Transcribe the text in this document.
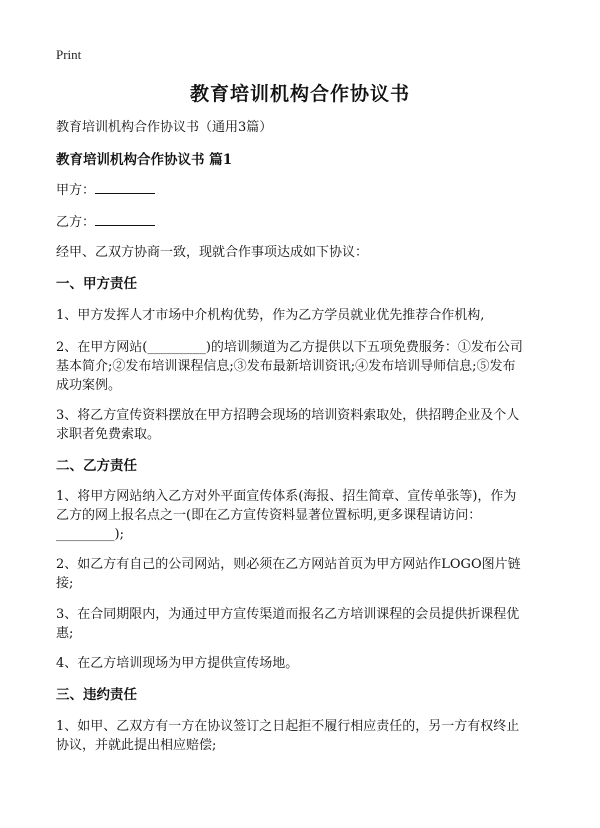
Print
教育培训机构合作协议书
教育培训机构合作协议书（通用3篇）
教育培训机构合作协议书 篇1
甲方：
乙方：
经甲、乙双方协商一致，现就合作事项达成如下协议：
一、甲方责任
1、甲方发挥人才市场中介机构优势，作为乙方学员就业优先推荐合作机构,
2、在甲方网站(_________)的培训频道为乙方提供以下五项免费服务：①发布公司
基本简介;②发布培训课程信息;③发布最新培训资讯;④发布培训导师信息;⑤发布
成功案例。
3、将乙方宣传资料摆放在甲方招聘会现场的培训资料索取处，供招聘企业及个人
求职者免费索取。
二、乙方责任
1、将甲方网站纳入乙方对外平面宣传体系(海报、招生简章、宣传单张等)，作为
乙方的网上报名点之一(即在乙方宣传资料显著位置标明,更多课程请访问：
_________);
2、如乙方有自己的公司网站，则必须在乙方网站首页为甲方网站作LOGO图片链
接;
3、在合同期限内，为通过甲方宣传渠道而报名乙方培训课程的会员提供折课程优
惠;
4、在乙方培训现场为甲方提供宣传场地。
三、违约责任
1、如甲、乙双方有一方在协议签订之日起拒不履行相应责任的，另一方有权终止
协议，并就此提出相应赔偿;
